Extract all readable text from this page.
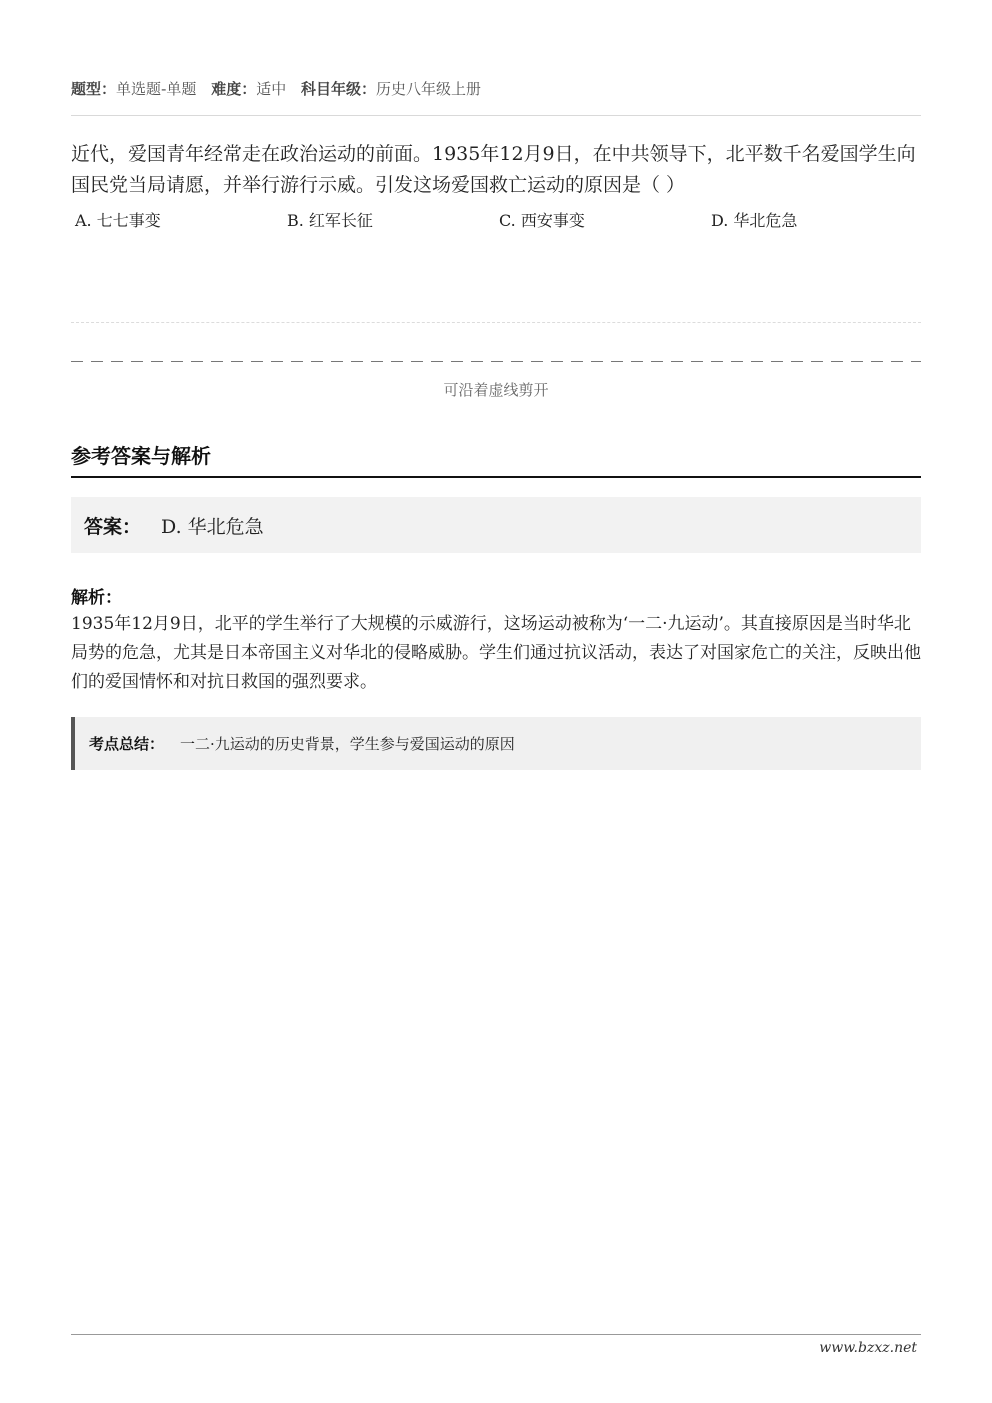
题型：单选题-单题 难度：适中 科目年级：历史八年级上册
近代，爱国青年经常走在政治运动的前面。1935年12月9日，在中共领导下，北平数千名爱国学生向国民党当局请愿，并举行游行示威。引发这场爱国救亡运动的原因是（ ）
A. 七七事变	B. 红军长征	C. 西安事变	D. 华北危急
可沿着虚线剪开
参考答案与解析
答案： D. 华北危急
解析：
1935年12月9日，北平的学生举行了大规模的示威游行，这场运动被称为‘一二·九运动’。其直接原因是当时华北局势的危急，尤其是日本帝国主义对华北的侵略威胁。学生们通过抗议活动，表达了对国家危亡的关注，反映出他们的爱国情怀和对抗日救国的强烈要求。
考点总结： 一二·九运动的历史背景，学生参与爱国运动的原因
www.bzxz.net
